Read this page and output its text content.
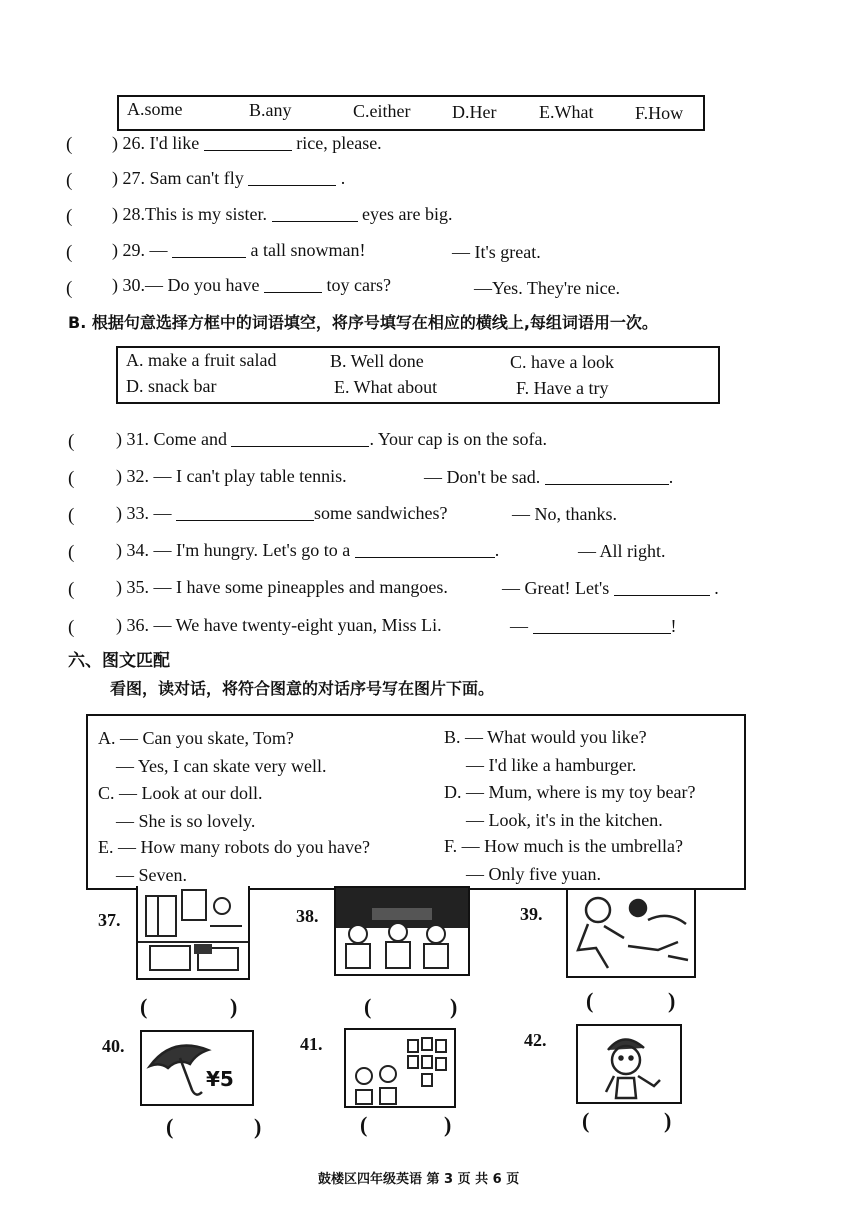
A.some	B.any	C.either D.Her E.What F.How
( ) 26. I'd like	rice, please.
( ) 27. Sam can't fly	.
( ) 28.This is my sister.	eyes are big.
( ) 29. —	a tall snowman!	— It's great.
( ) 30.— Do you have	toy cars?	—Yes. They're nice.
B. 根据句意选择方框中的词语填空，将序号填写在相应的横线上,每组词语用一次。
A. make a fruit salad	B. Well done	C. have a look
D. snack bar	E. What about	F. Have a try
( ) 31. Come and	. Your cap is on the sofa.
( ) 32. — I can't play table tennis.	— Don't be sad.	.
( ) 33. —	some sandwiches?	— No, thanks.
( ) 34. — I'm hungry. Let's go to a	.	— All right.
( ) 35. — I have some pineapples and mangoes.	— Great! Let's	.
( ) 36. — We have twenty-eight yuan, Miss Li.	—	!
六、图文匹配
看图，读对话，将符合图意的对话序号写在图片下面。
A. — Can you skate, Tom?
— Yes, I can skate very well.
C. — Look at our doll.
— She is so lovely.
E. — How many robots do you have?
— Seven.
B. — What would you like?
— I'd like a hamburger.
D. — Mum, where is my toy bear?
— Look, it's in the kitchen.
F. — How much is the umbrella?
— Only five yuan.
37.
(	)
38.
(	)
39.
(	)
40.
¥5
(	)
41.
(	)
42.
(	)
鼓楼区四年级英语 第 3 页 共 6 页
